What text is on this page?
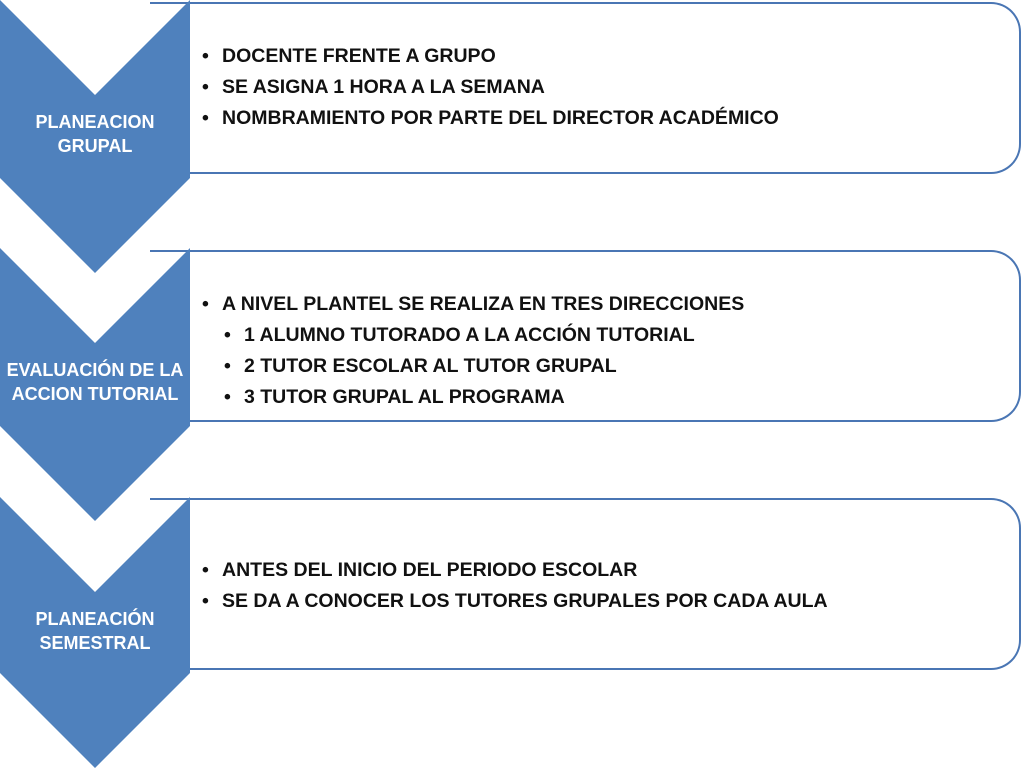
PLANEACION
GRUPAL
EVALUACIÓN DE LA
ACCION TUTORIAL
PLANEACIÓN
SEMESTRAL
• DOCENTE FRENTE A GRUPO
• SE ASIGNA 1 HORA A LA SEMANA
• NOMBRAMIENTO POR PARTE DEL DIRECTOR ACADÉMICO
• A NIVEL PLANTEL SE REALIZA EN TRES DIRECCIONES
• 1 ALUMNO TUTORADO A LA ACCIÓN TUTORIAL
• 2 TUTOR ESCOLAR AL TUTOR GRUPAL
• 3 TUTOR GRUPAL AL PROGRAMA
• ANTES DEL INICIO DEL PERIODO ESCOLAR
• SE DA A CONOCER LOS TUTORES GRUPALES POR CADA AULA
